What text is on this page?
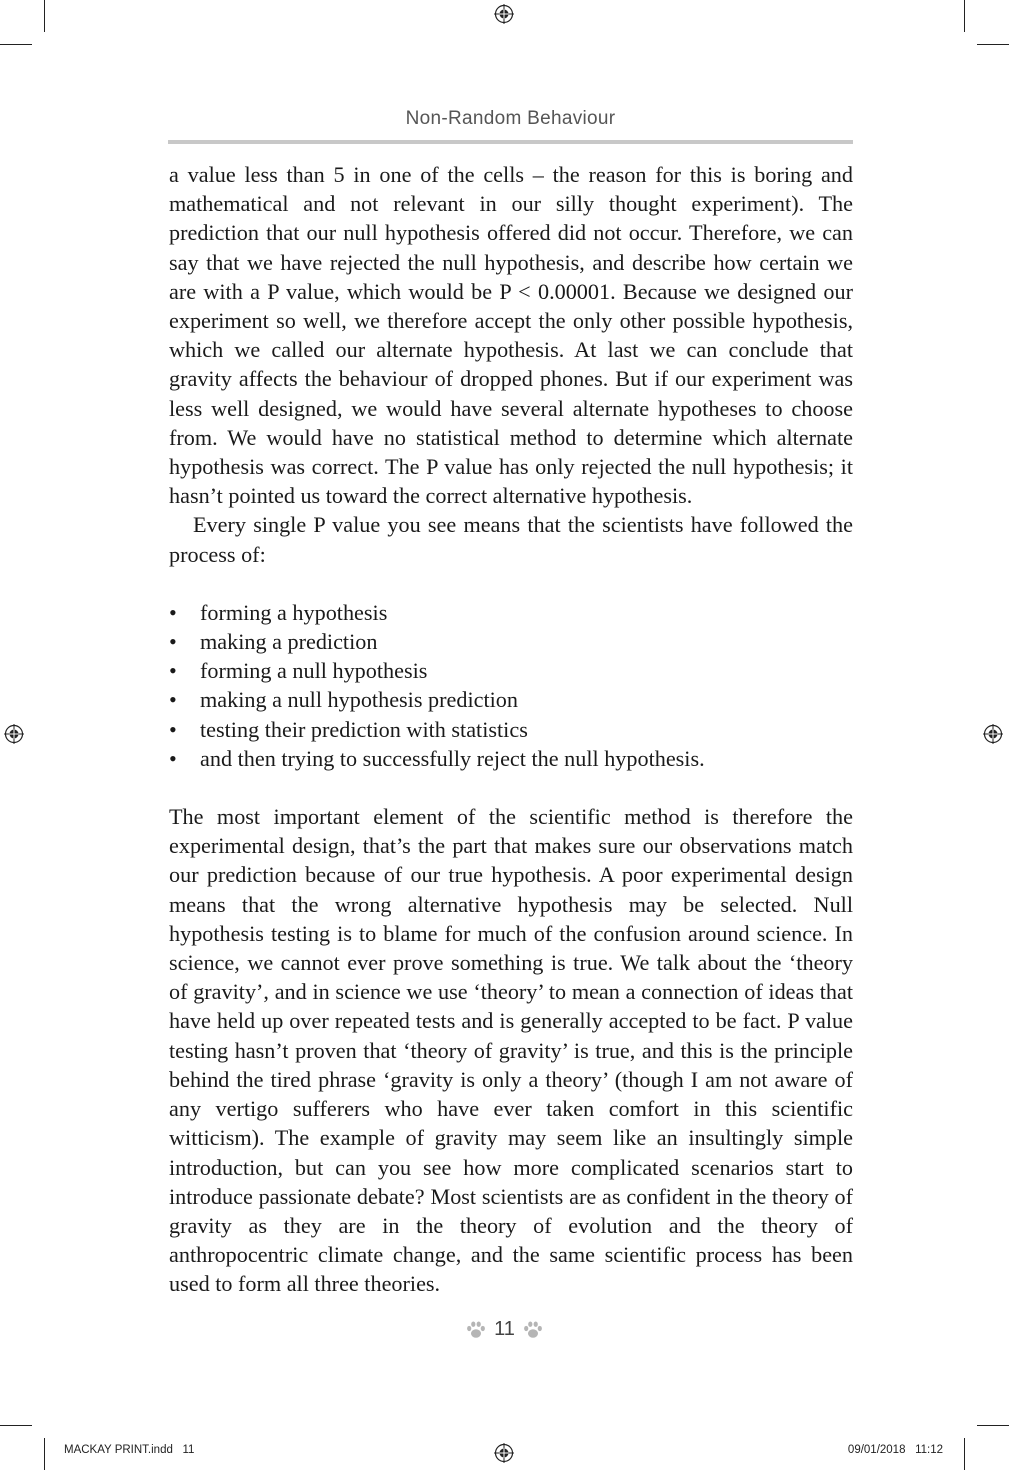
Non-Random Behaviour

a value less than 5 in one of the cells – the reason for this is boring and mathematical and not relevant in our silly thought experiment). The prediction that our null hypothesis offered did not occur. Therefore, we can say that we have rejected the null hypothesis, and describe how certain we are with a P value, which would be P < 0.00001. Because we designed our experiment so well, we therefore accept the only other possible hypothesis, which we called our alternate hypothesis. At last we can conclude that gravity affects the behaviour of dropped phones. But if our experiment was less well designed, we would have several alternate hypotheses to choose from. We would have no statistical method to determine which alternate hypothesis was correct. The P value has only rejected the null hypothesis; it hasn’t pointed us toward the correct alternative hypothesis.

Every single P value you see means that the scientists have followed the process of:

• forming a hypothesis
• making a prediction
• forming a null hypothesis
• making a null hypothesis prediction
• testing their prediction with statistics
• and then trying to successfully reject the null hypothesis.

The most important element of the scientific method is therefore the experimental design, that’s the part that makes sure our observations match our prediction because of our true hypothesis. A poor experimental design means that the wrong alternative hypothesis may be selected. Null hypothesis testing is to blame for much of the confusion around science. In science, we cannot ever prove something is true. We talk about the ‘theory of gravity’, and in science we use ‘theory’ to mean a connection of ideas that have held up over repeated tests and is generally accepted to be fact. P value testing hasn’t proven that ‘theory of gravity’ is true, and this is the principle behind the tired phrase ‘gravity is only a theory’ (though I am not aware of any vertigo sufferers who have ever taken comfort in this scientific witticism). The example of gravity may seem like an insultingly simple introduction, but can you see how more complicated scenarios start to introduce passionate debate? Most scientists are as confident in the theory of gravity as they are in the theory of evolution and the theory of anthropocentric climate change, and the same scientific process has been used to form all three theories.

11
MACKAY PRINT.indd   11	09/01/2018   11:12
